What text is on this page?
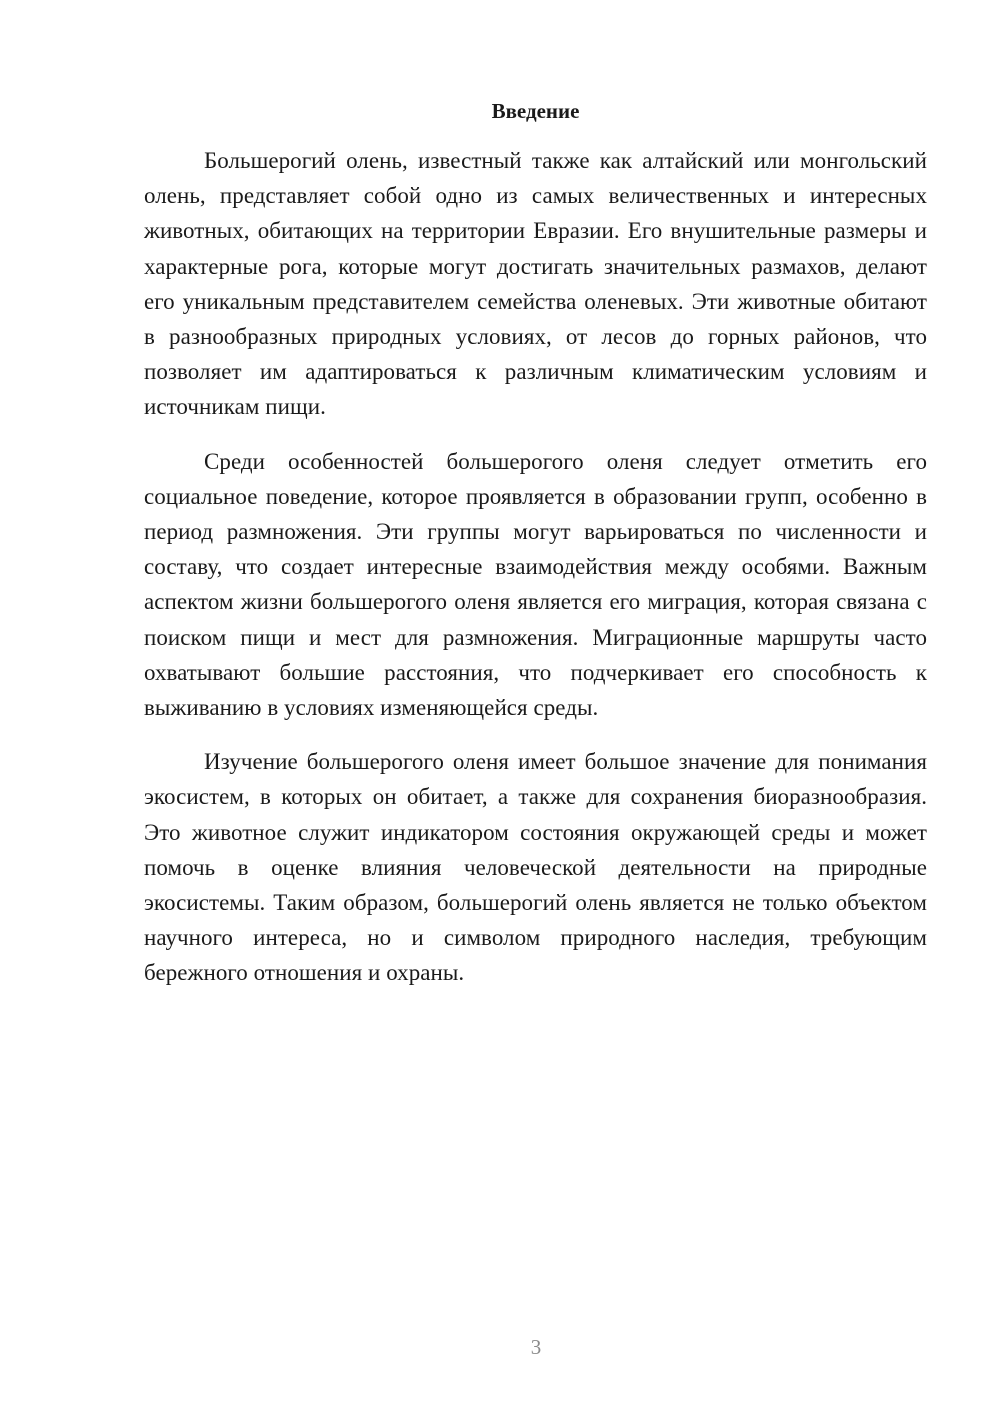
Введение

Большерогий олень, известный также как алтайский или монгольский олень, представляет собой одно из самых величественных и интересных животных, обитающих на территории Евразии. Его внушительные размеры и характерные рога, которые могут достигать значительных размахов, делают его уникальным представителем семейства оленевых. Эти животные обитают в разнообразных природных условиях, от лесов до горных районов, что позволяет им адаптироваться к различным климатическим условиям и источникам пищи.

Среди особенностей большерогого оленя следует отметить его социальное поведение, которое проявляется в образовании групп, особенно в период размножения. Эти группы могут варьироваться по численности и составу, что создает интересные взаимодействия между особями. Важным аспектом жизни большерогого оленя является его миграция, которая связана с поиском пищи и мест для размножения. Миграционные маршруты часто охватывают большие расстояния, что подчеркивает его способность к выживанию в условиях изменяющейся среды.

Изучение большерогого оленя имеет большое значение для понимания экосистем, в которых он обитает, а также для сохранения биоразнообразия. Это животное служит индикатором состояния окружающей среды и может помочь в оценке влияния человеческой деятельности на природные экосистемы. Таким образом, большерогий олень является не только объектом научного интереса, но и символом природного наследия, требующим бережного отношения и охраны.

3
